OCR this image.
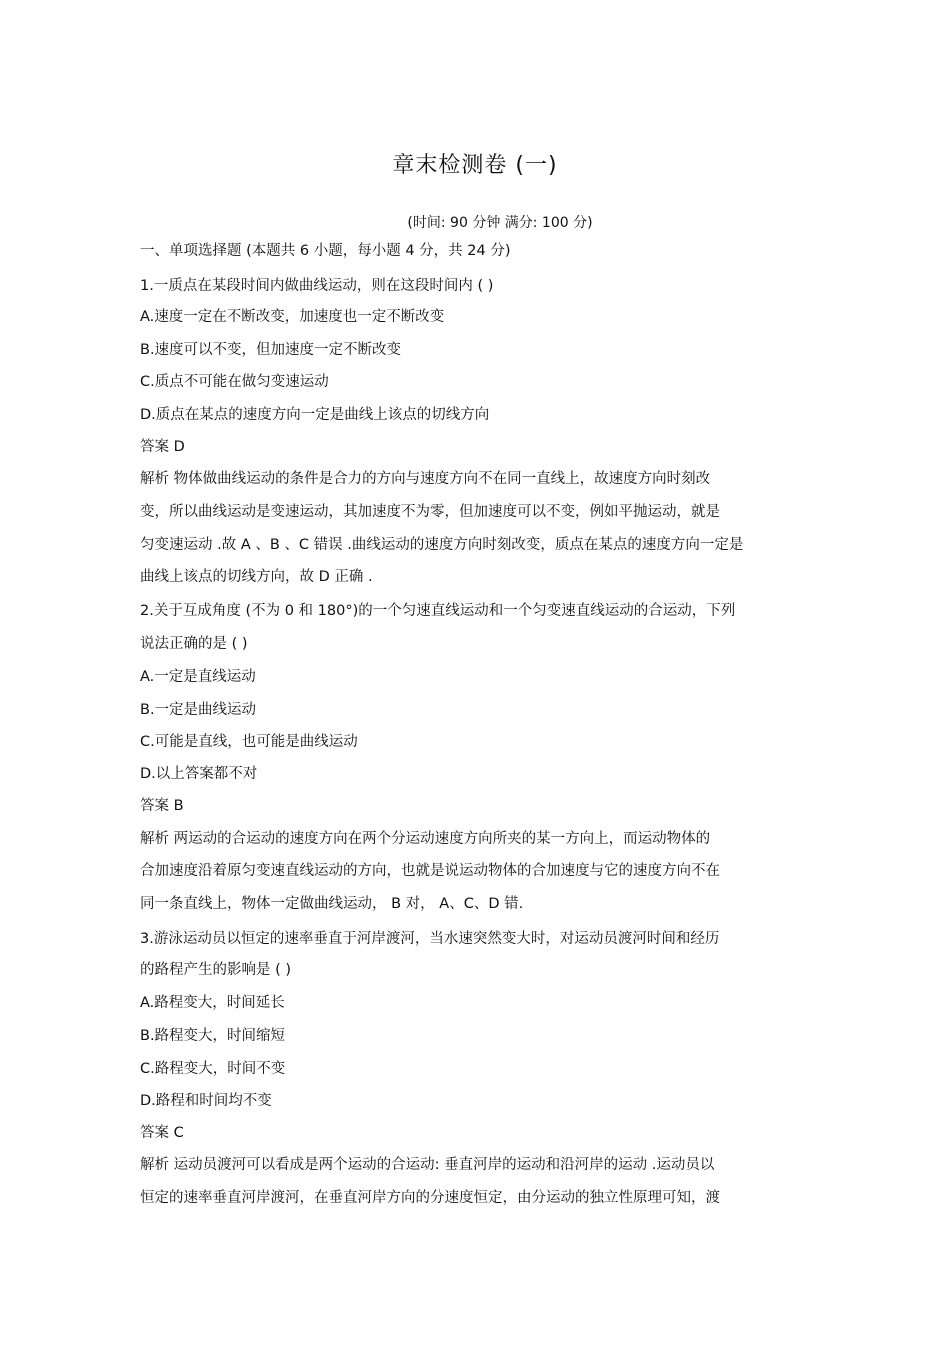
章末检测卷 (一)
(时间: 90 分钟 满分: 100 分)
一、单项选择题 (本题共 6 小题，每小题 4 分，共 24 分)
1.一质点在某段时间内做曲线运动，则在这段时间内 ( )
A.速度一定在不断改变，加速度也一定不断改变
B.速度可以不变，但加速度一定不断改变
C.质点不可能在做匀变速运动
D.质点在某点的速度方向一定是曲线上该点的切线方向
答案 D
解析 物体做曲线运动的条件是合力的方向与速度方向不在同一直线上，故速度方向时刻改
变，所以曲线运动是变速运动，其加速度不为零，但加速度可以不变，例如平抛运动，就是
匀变速运动 .故 A 、B 、C 错误 .曲线运动的速度方向时刻改变，质点在某点的速度方向一定是
曲线上该点的切线方向，故 D 正确 .
2.关于互成角度 (不为 0 和 180°)的一个匀速直线运动和一个匀变速直线运动的合运动，下列
说法正确的是 ( )
A.一定是直线运动
B.一定是曲线运动
C.可能是直线，也可能是曲线运动
D.以上答案都不对
答案 B
解析 两运动的合运动的速度方向在两个分运动速度方向所夹的某一方向上，而运动物体的
合加速度沿着原匀变速直线运动的方向，也就是说运动物体的合加速度与它的速度方向不在
同一条直线上，物体一定做曲线运动， B 对， A、C、D 错.
3.游泳运动员以恒定的速率垂直于河岸渡河，当水速突然变大时，对运动员渡河时间和经历
的路程产生的影响是 ( )
A.路程变大，时间延长
B.路程变大，时间缩短
C.路程变大，时间不变
D.路程和时间均不变
答案 C
解析 运动员渡河可以看成是两个运动的合运动: 垂直河岸的运动和沿河岸的运动 .运动员以
恒定的速率垂直河岸渡河，在垂直河岸方向的分速度恒定，由分运动的独立性原理可知，渡
